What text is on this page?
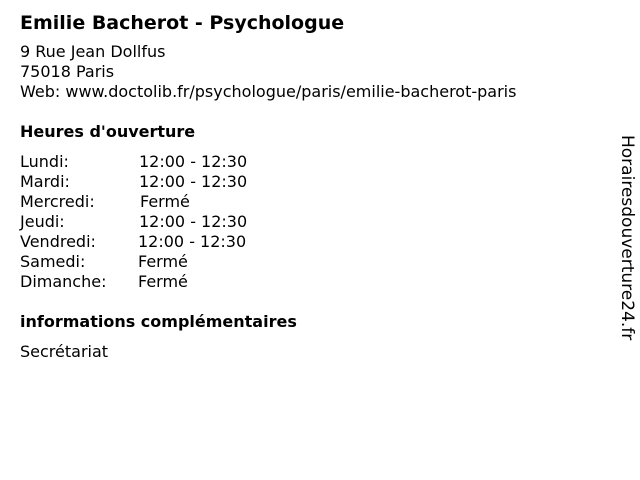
Emilie Bacherot - Psychologue
9 Rue Jean Dollfus
75018 Paris
Web: www.doctolib.fr/psychologue/paris/emilie-bacherot-paris
Heures d'ouverture
Lundi:	12:00 - 12:30
Mardi:	12:00 - 12:30
Mercredi:	Fermé
Jeudi:	12:00 - 12:30
Vendredi:	12:00 - 12:30
Samedi:	Fermé
Dimanche: Fermé
informations complémentaires
Secrétariat
Horairesdouverture24.fr
